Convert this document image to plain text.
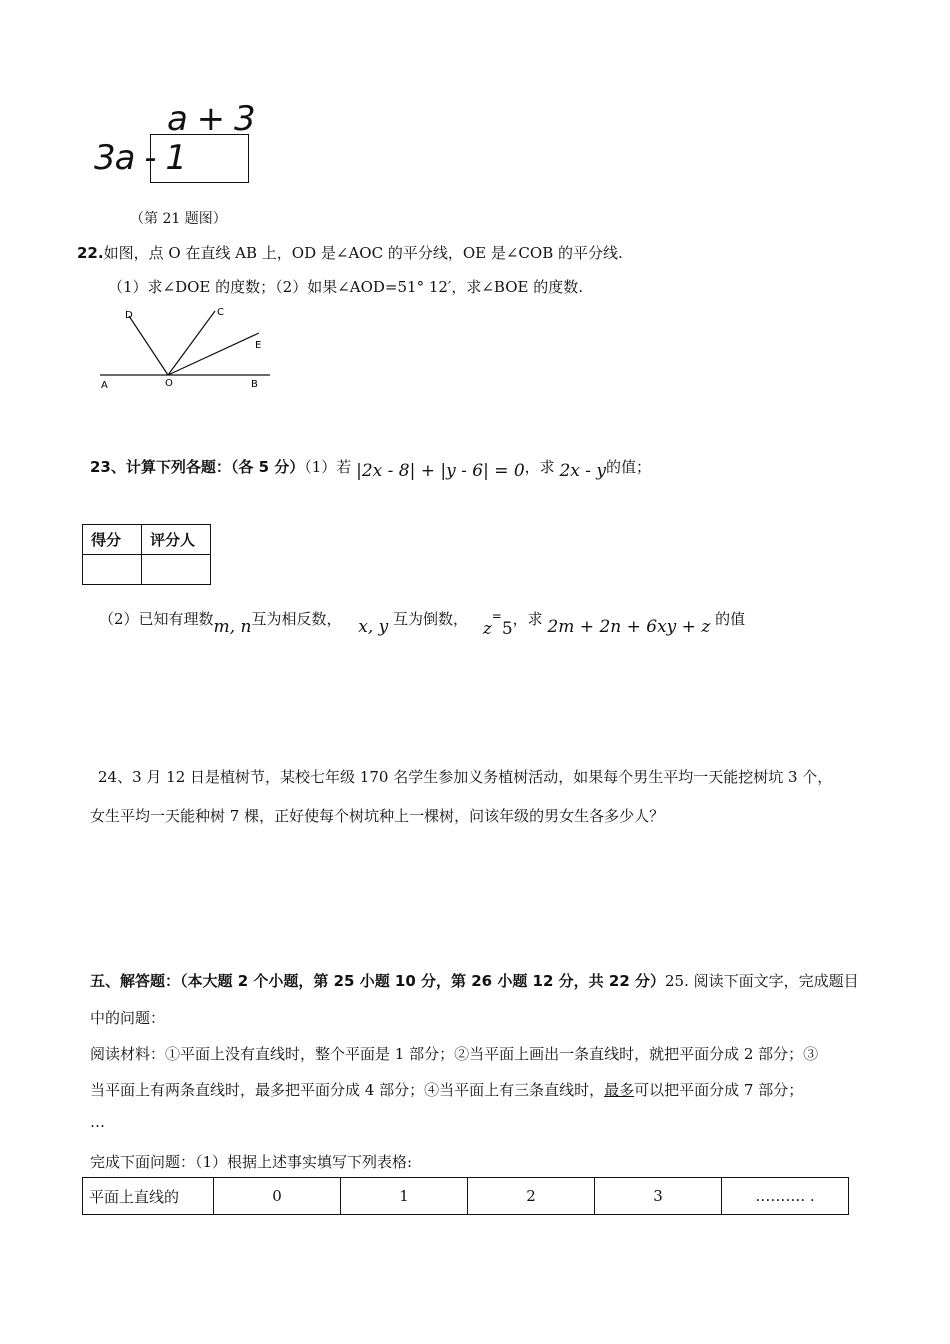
a + 3
3a - 1
（第 21 题图）
22.如图，点 O 在直线 AB 上，OD 是∠AOC 的平分线，OE 是∠COB 的平分线.
（1）求∠DOE 的度数；（2）如果∠AOD=51° 12′，求∠BOE 的度数.
D	C
E
A	O	B
23、计算下列各题：（各 5 分）（1）若 |2x - 8| + |y - 6| = 0，求 2x - y的值；
得分	评分人

（2）已知有理数m, n互为相反数， x, y 互为倒数， z=5，求 2m + 2n + 6xy + z 的值
24、3 月 12 日是植树节，某校七年级 170 名学生参加义务植树活动，如果每个男生平均一天能挖树坑 3 个，
女生平均一天能种树 7 棵，正好使每个树坑种上一棵树，问该年级的男女生各多少人？
五、解答题：（本大题 2 个小题，第 25 小题 10 分，第 26 小题 12 分，共 22 分）25. 阅读下面文字，完成题目
中的问题：
阅读材料：①平面上没有直线时，整个平面是 1 部分；②当平面上画出一条直线时，就把平面分成 2 部分；③
当平面上有两条直线时，最多把平面分成 4 部分；④当平面上有三条直线时，最多可以把平面分成 7 部分；
…
完成下面问题：（1）根据上述事实填写下列表格:
平面上直线的	0	1	2	3	………. .
